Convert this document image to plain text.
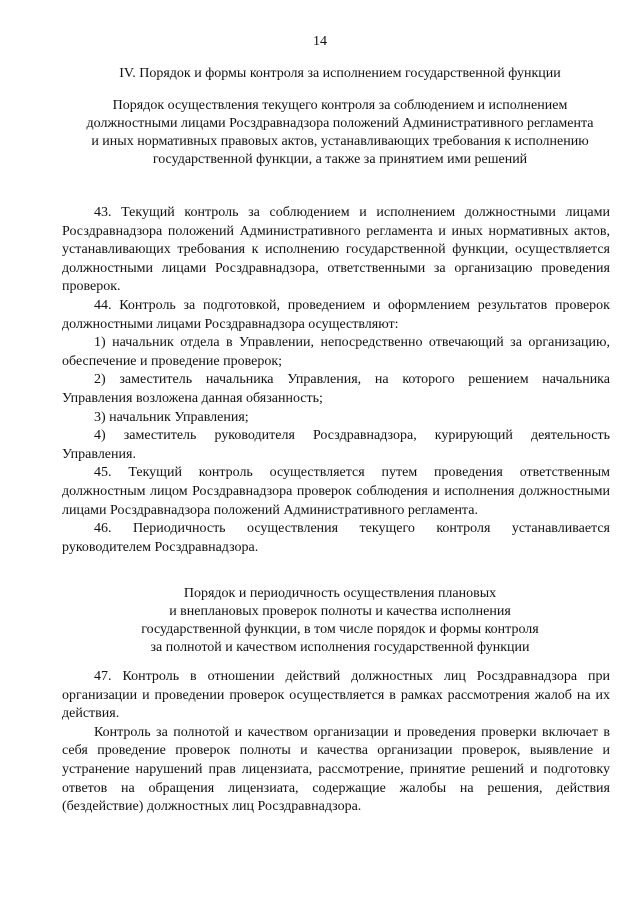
14
IV. Порядок и формы контроля за исполнением государственной функции
Порядок осуществления текущего контроля за соблюдением и исполнением
должностными лицами Росздравнадзора положений Административного регламента
и иных нормативных правовых актов, устанавливающих требования к исполнению
государственной функции, а также за принятием ими решений

43. Текущий контроль за соблюдением и исполнением должностными лицами Росздравнадзора положений Административного регламента и иных нормативных актов, устанавливающих требования к исполнению государственной функции, осуществляется должностными лицами Росздравнадзора, ответственными за организацию проведения проверок.

44. Контроль за подготовкой, проведением и оформлением результатов проверок должностными лицами Росздравнадзора осуществляют:

1) начальник отдела в Управлении, непосредственно отвечающий за организацию, обеспечение и проведение проверок;

2) заместитель начальника Управления, на которого решением начальника Управления возложена данная обязанность;

3) начальник Управления;

4) заместитель руководителя Росздравнадзора, курирующий деятельность Управления.

45. Текущий контроль осуществляется путем проведения ответственным должностным лицом Росздравнадзора проверок соблюдения и исполнения должностными лицами Росздравнадзора положений Административного регламента.

46. Периодичность осуществления текущего контроля устанавливается руководителем Росздравнадзора.

Порядок и периодичность осуществления плановых
и внеплановых проверок полноты и качества исполнения
государственной функции, в том числе порядок и формы контроля
за полнотой и качеством исполнения государственной функции

47. Контроль в отношении действий должностных лиц Росздравнадзора при организации и проведении проверок осуществляется в рамках рассмотрения жалоб на их действия.

Контроль за полнотой и качеством организации и проведения проверки включает в себя проведение проверок полноты и качества организации проверок, выявление и устранение нарушений прав лицензиата, рассмотрение, принятие решений и подготовку ответов на обращения лицензиата, содержащие жалобы на решения, действия (бездействие) должностных лиц Росздравнадзора.
